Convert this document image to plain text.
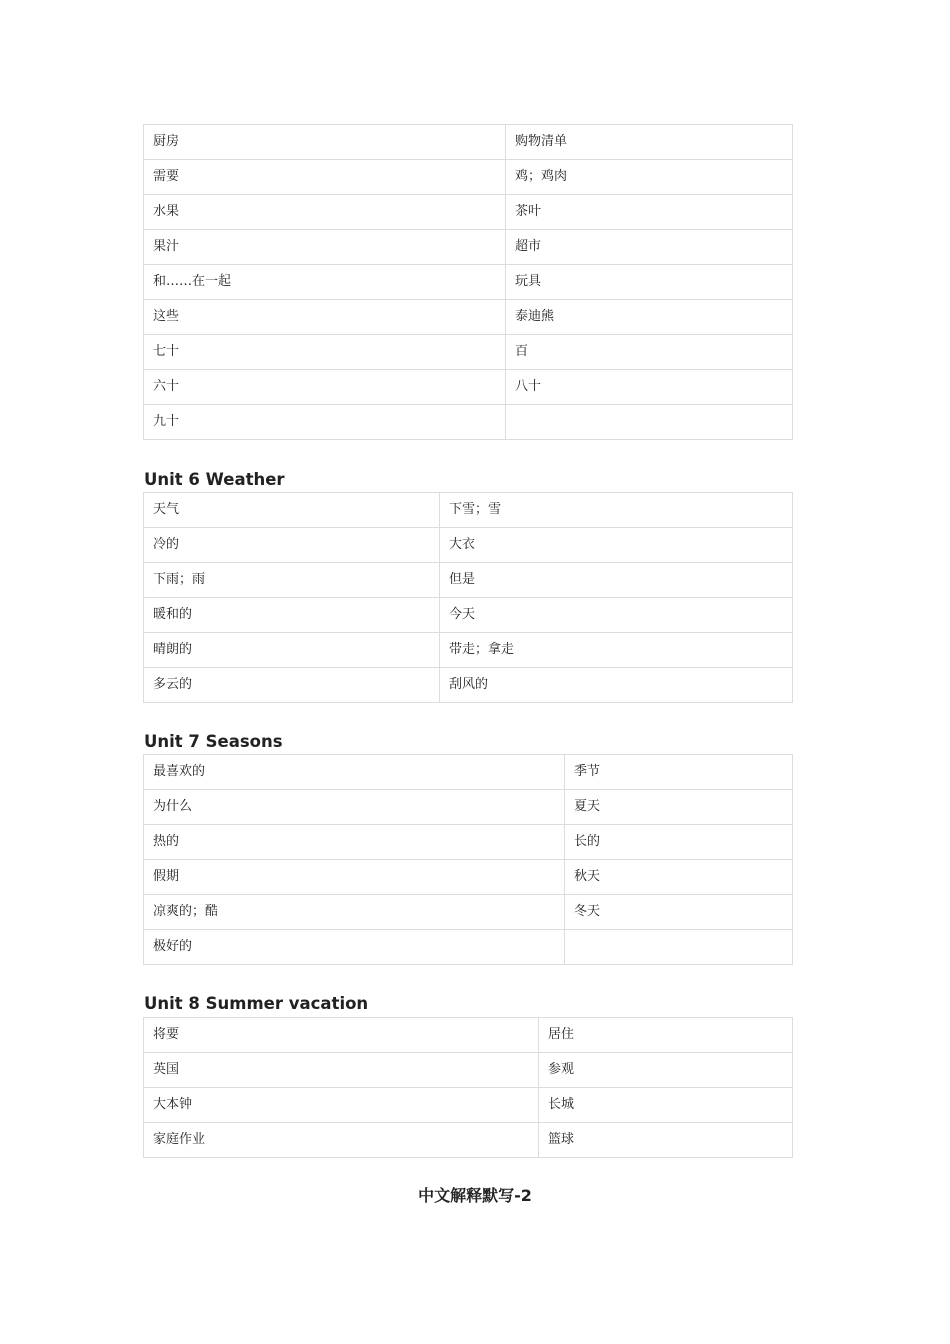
厨房	购物清单
需要	鸡；鸡肉
水果	茶叶
果汁	超市
和……在一起	玩具
这些	泰迪熊
七十	百
六十	八十
九十	
Unit 6 Weather
天气	下雪；雪
冷的	大衣
下雨；雨	但是
暖和的	今天
晴朗的	带走；拿走
多云的	刮风的
Unit 7 Seasons
最喜欢的	季节
为什么	夏天
热的	长的
假期	秋天
凉爽的；酷	冬天
极好的	
Unit 8 Summer vacation
将要	居住
英国	参观
大本钟	长城
家庭作业	篮球
中文解释默写-2
